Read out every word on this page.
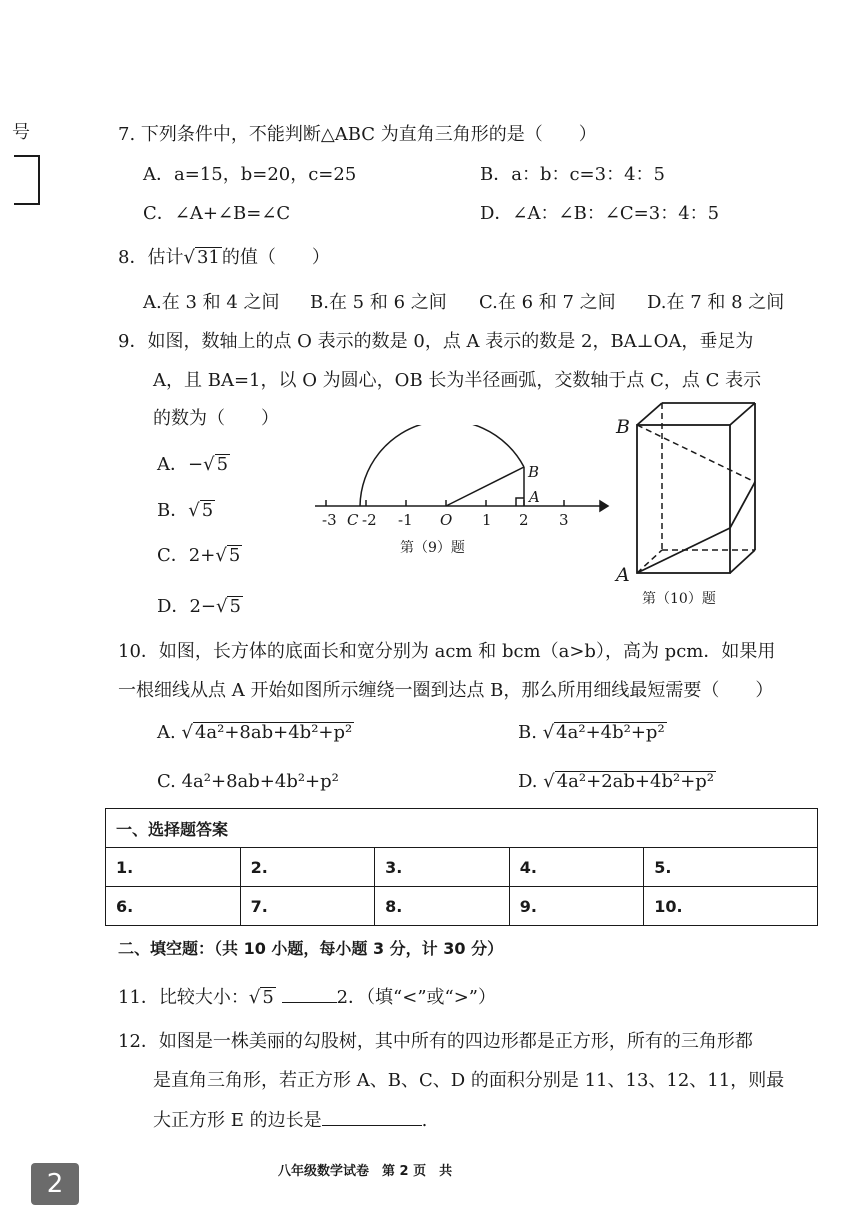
号	7. 下列条件中，不能判断△ABC 为直角三角形的是（　　）
A．a=15，b=20，c=25	B．a：b：c=3：4：5
C．∠A+∠B=∠C	D．∠A：∠B：∠C=3：4：5
8．估计√ 31 的值（　　）
A.在 3 和 4 之间 B.在 5 和 6 之间 C.在 6 和 7 之间 D.在 7 和 8 之间
9．如图，数轴上的点 O 表示的数是 0，点 A 表示的数是 2，BA⊥OA，垂足为
A，且 BA=1，以 O 为圆心，OB 长为半径画弧，交数轴于点 C，点 C 表示
的数为（　　）
A．−√ 5
B．√ 5
C．2+√ 5
D．2−√ 5
-3 -2 -1 O 1 2 3
C
A
B
第（9）题
B
A
第（10）题
10．如图，长方体的底面长和宽分别为 acm 和 bcm（a>b），高为 pcm．如果用
一根细线从点 A 开始如图所示缠绕一圈到达点 B，那么所用细线最短需要（　　）
A. √ 4a²+8ab+4b²+p²	B. √ 4a²+4b²+p²
C. 4a²+8ab+4b²+p²	D. √ 4a²+2ab+4b²+p²
一、选择题答案				
1.	2.	3.	4.	5.
6.	7.	8.	9.	10.
二、填空题：（共 10 小题，每小题 3 分，计 30 分）
11．比较大小：√ 5	2．（填“<”或“>”）
12．如图是一株美丽的勾股树，其中所有的四边形都是正方形，所有的三角形都
是直角三角形，若正方形 A、B、C、D 的面积分别是 11、13、12、11，则最
大正方形 E 的边长是	.
2	八年级数学试卷　第 2 页　共
